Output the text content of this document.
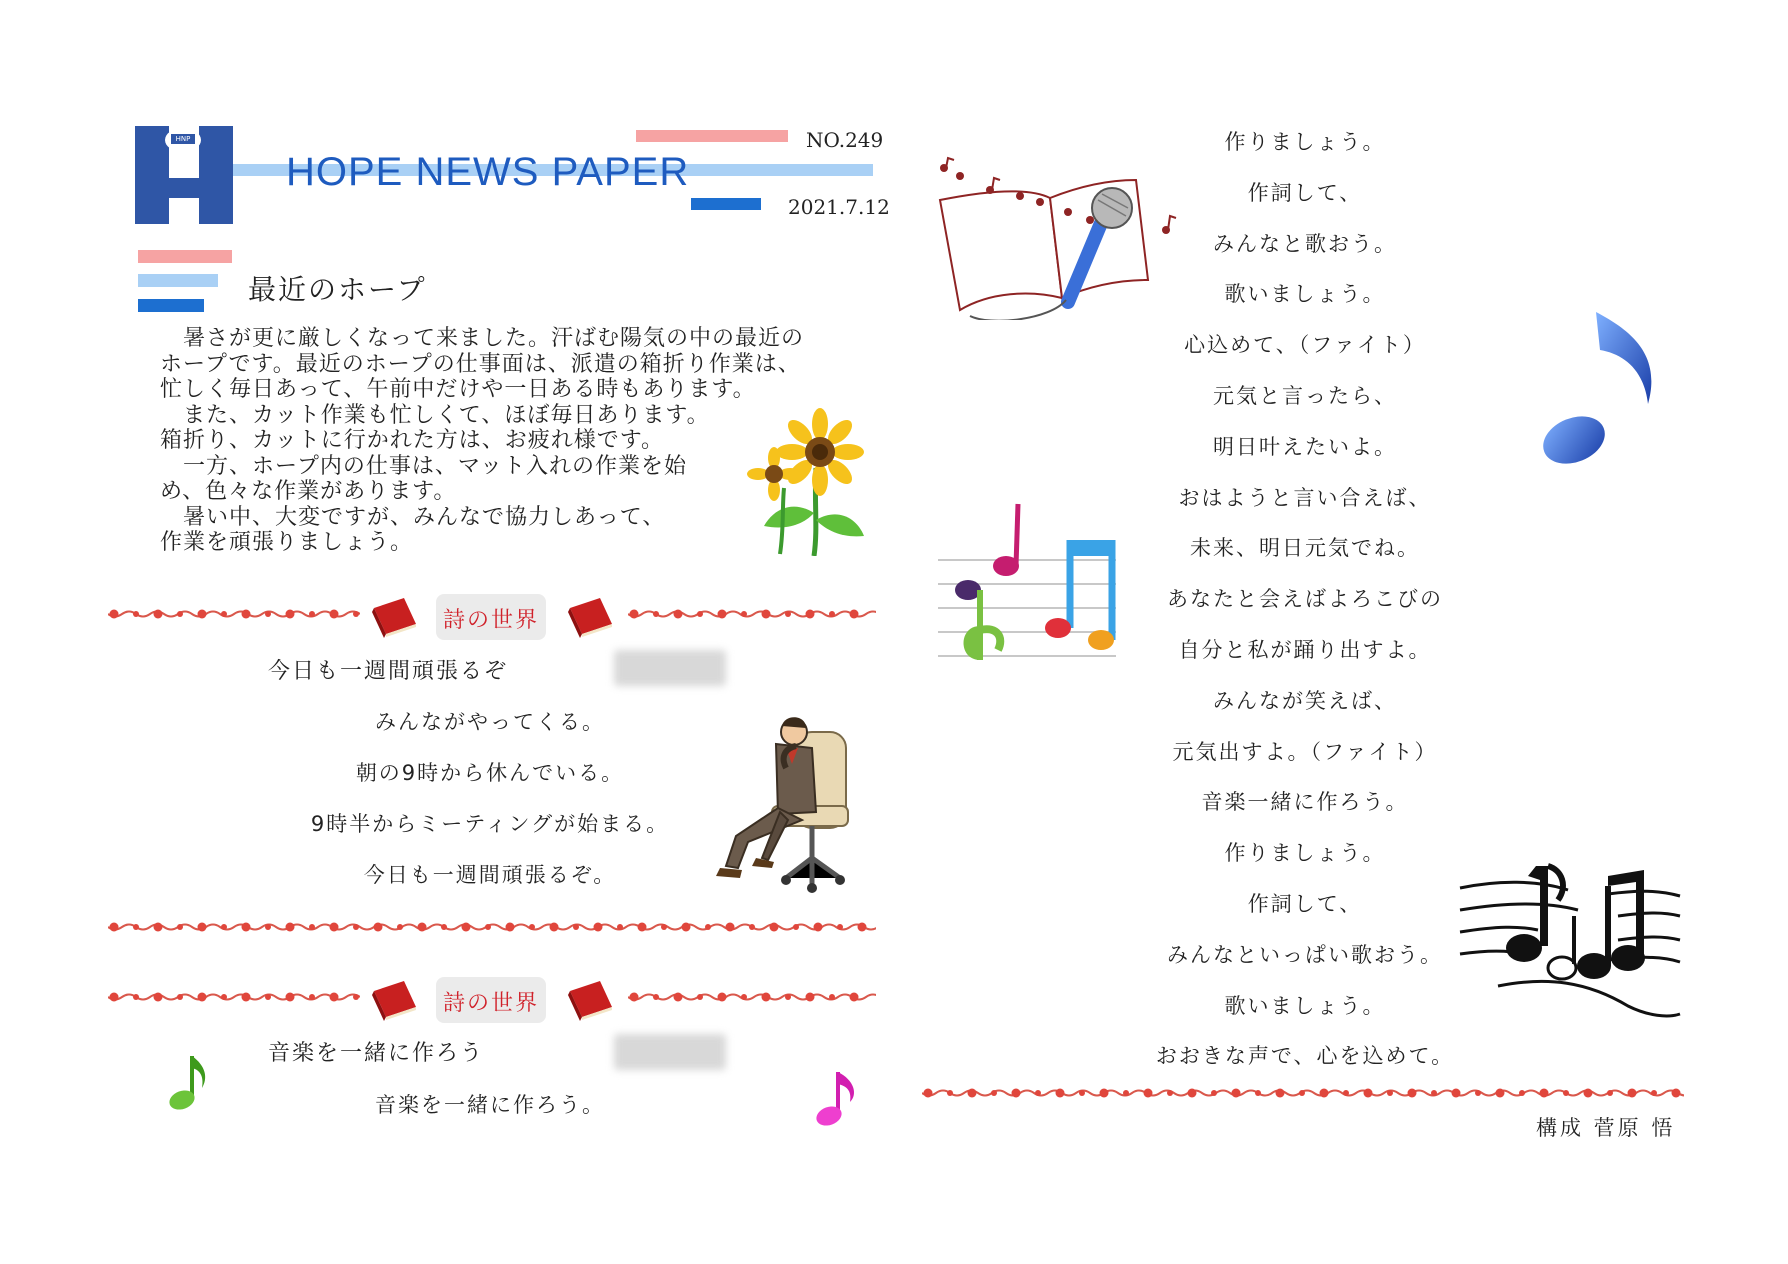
HNP
HOPE NEWS PAPER
NO.249
2021.7.12
最近のホープ

　暑さが更に厳しくなって来ました。汗ばむ陽気の中の最近の

ホープです。最近のホープの仕事面は、派遣の箱折り作業は、

忙しく毎日あって、午前中だけや一日ある時もあります。

　また、カット作業も忙しくて、ほぼ毎日あります。

箱折り、カットに行かれた方は、お疲れ様です。

　一方、ホープ内の仕事は、マット入れの作業を始

め、色々な作業があります。

　暑い中、大変ですが、みんなで協力しあって、

作業を頑張りましょう。

詩の世界
今日も一週間頑張るぞ
みんながやってくる。
朝の9時から休んでいる。
9時半からミーティングが始まる。
今日も一週間頑張るぞ。
詩の世界
音楽を一緒に作ろう
音楽を一緒に作ろう。
作りましょう。
作詞して、
みんなと歌おう。
歌いましょう。
心込めて、（ファイト）
元気と言ったら、
明日叶えたいよ。
おはようと言い合えば、
未来、明日元気でね。
あなたと会えばよろこびの
自分と私が踊り出すよ。
みんなが笑えば、
元気出すよ。（ファイト）
音楽一緒に作ろう。
作りましょう。
作詞して、
みんなといっぱい歌おう。
歌いましょう。
おおきな声で、心を込めて。
構成 菅原 悟
